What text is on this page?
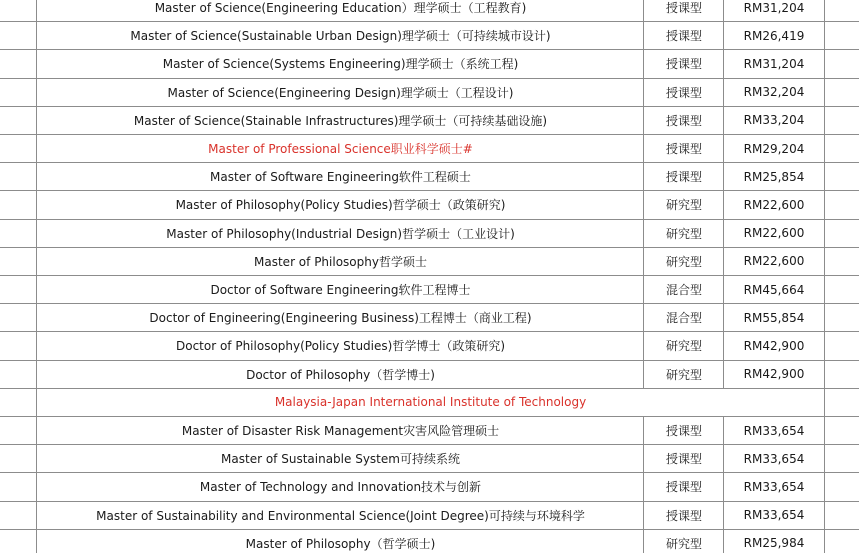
Master of Science(Engineering Education）理学硕士（工程教育)	授课型	RM31,204
Master of Science(Sustainable Urban Design)理学硕士（可持续城市设计)	授课型	RM26,419
Master of Science(Systems Engineering)理学硕士（系统工程)	授课型	RM31,204
Master of Science(Engineering Design)理学硕士（工程设计)	授课型	RM32,204
Master of Science(Stainable Infrastructures)理学硕士（可持续基础设施)	授课型	RM33,204
Master of Professional Science职业科学硕士#	授课型	RM29,204
Master of Software Engineering软件工程硕士	授课型	RM25,854
Master of Philosophy(Policy Studies)哲学硕士（政策研究)	研究型	RM22,600
Master of Philosophy(Industrial Design)哲学硕士（工业设计)	研究型	RM22,600
Master of Philosophy哲学硕士	研究型	RM22,600
Doctor of Software Engineering软件工程博士	混合型	RM45,664
Doctor of Engineering(Engineering Business)工程博士（商业工程)	混合型	RM55,854
Doctor of Philosophy(Policy Studies)哲学博士（政策研究)	研究型	RM42,900
Doctor of Philosophy（哲学博士)	研究型	RM42,900
Malaysia-Japan International Institute of Technology
Master of Disaster Risk Management灾害风险管理硕士	授课型	RM33,654
Master of Sustainable System可持续系统	授课型	RM33,654
Master of Technology and Innovation技术与创新	授课型	RM33,654
Master of Sustainability and Environmental Science(Joint Degree)可持续与环境科学	授课型	RM33,654
Master of Philosophy（哲学硕士)	研究型	RM25,984
